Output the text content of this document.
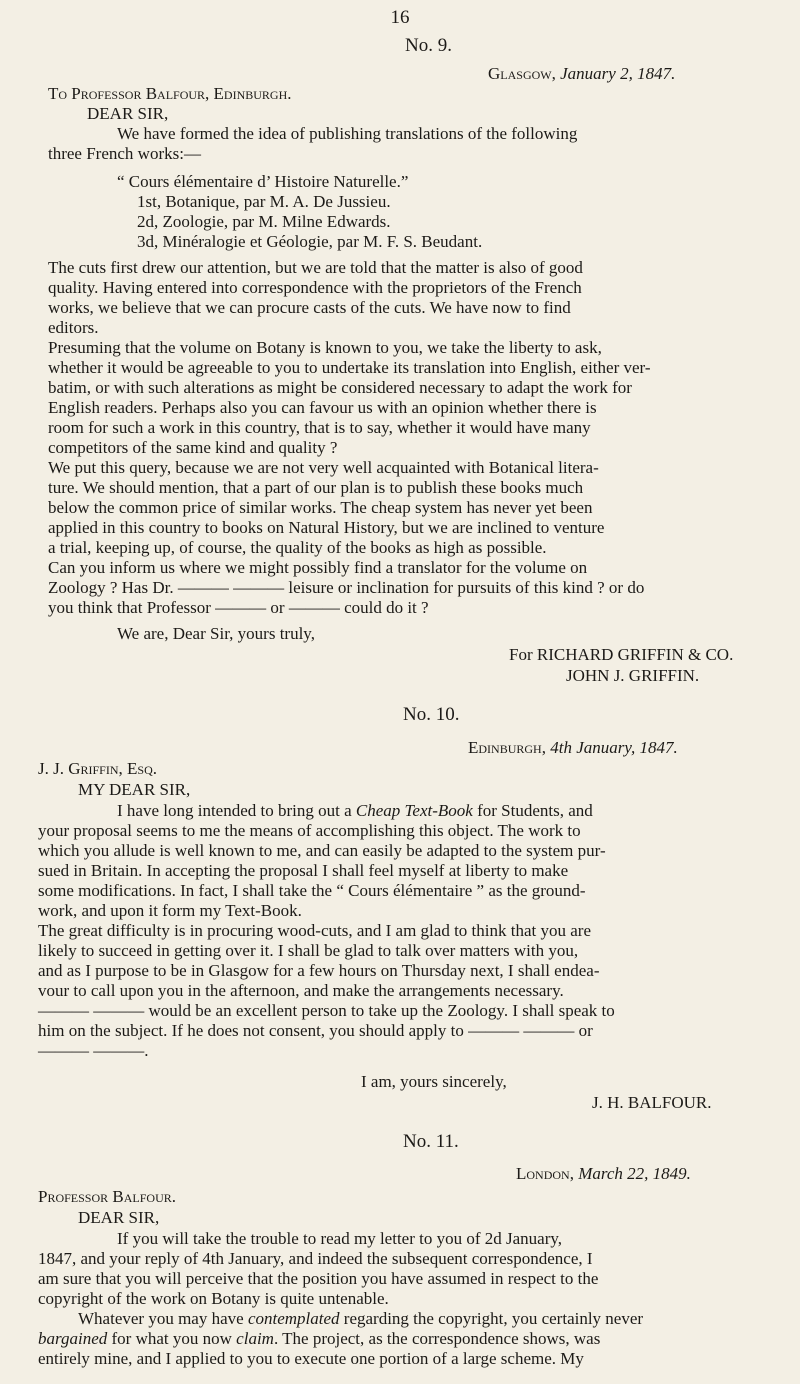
16
No. 9.
Glasgow, January 2, 1847.
To Professor Balfour, Edinburgh.
DEAR SIR,
We have formed the idea of publishing translations of the following
three French works:—
“ Cours élémentaire d’ Histoire Naturelle.”
1st, Botanique, par M. A. De Jussieu.
2d, Zoologie, par M. Milne Edwards.
3d, Minéralogie et Géologie, par M. F. S. Beudant.
The cuts first drew our attention, but we are told that the matter is also of good
quality. Having entered into correspondence with the proprietors of the French
works, we believe that we can procure casts of the cuts. We have now to find
editors.
Presuming that the volume on Botany is known to you, we take the liberty to ask,
whether it would be agreeable to you to undertake its translation into English, either ver-
batim, or with such alterations as might be considered necessary to adapt the work for
English readers. Perhaps also you can favour us with an opinion whether there is
room for such a work in this country, that is to say, whether it would have many
competitors of the same kind and quality ?
We put this query, because we are not very well acquainted with Botanical litera-
ture. We should mention, that a part of our plan is to publish these books much
below the common price of similar works. The cheap system has never yet been
applied in this country to books on Natural History, but we are inclined to venture
a trial, keeping up, of course, the quality of the books as high as possible.
Can you inform us where we might possibly find a translator for the volume on
Zoology ? Has Dr. ——— ——— leisure or inclination for pursuits of this kind ? or do
you think that Professor ——— or ——— could do it ?
We are, Dear Sir, yours truly,
For RICHARD GRIFFIN & CO.
JOHN J. GRIFFIN.
No. 10.
Edinburgh, 4th January, 1847.
J. J. Griffin, Esq.
MY DEAR SIR,
I have long intended to bring out a Cheap Text-Book for Students, and
your proposal seems to me the means of accomplishing this object. The work to
which you allude is well known to me, and can easily be adapted to the system pur-
sued in Britain. In accepting the proposal I shall feel myself at liberty to make
some modifications. In fact, I shall take the “ Cours élémentaire ” as the ground-
work, and upon it form my Text-Book.
The great difficulty is in procuring wood-cuts, and I am glad to think that you are
likely to succeed in getting over it. I shall be glad to talk over matters with you,
and as I purpose to be in Glasgow for a few hours on Thursday next, I shall endea-
vour to call upon you in the afternoon, and make the arrangements necessary.
——— ——— would be an excellent person to take up the Zoology. I shall speak to
him on the subject. If he does not consent, you should apply to ——— ——— or
——— ———.
I am, yours sincerely,
J. H. BALFOUR.
No. 11.
London, March 22, 1849.
Professor Balfour.
DEAR SIR,
If you will take the trouble to read my letter to you of 2d January,
1847, and your reply of 4th January, and indeed the subsequent correspondence, I
am sure that you will perceive that the position you have assumed in respect to the
copyright of the work on Botany is quite untenable.
Whatever you may have contemplated regarding the copyright, you certainly never
bargained for what you now claim. The project, as the correspondence shows, was
entirely mine, and I applied to you to execute one portion of a large scheme. My
